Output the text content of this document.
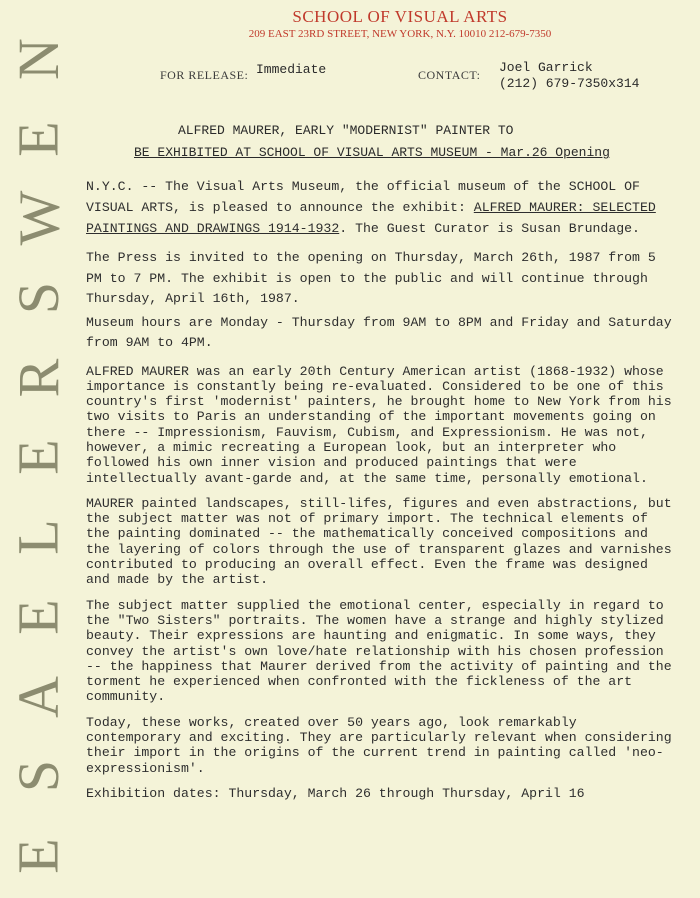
N
E
W
S
R
E
L
E
A
S
E
SCHOOL OF VISUAL ARTS
209 EAST 23RD STREET, NEW YORK, N.Y. 10010 212-679-7350
FOR RELEASE: Immediate	CONTACT: Joel Garrick
(212) 679-7350x314
ALFRED MAURER, EARLY "MODERNIST" PAINTER TO
BE EXHIBITED AT SCHOOL OF VISUAL ARTS MUSEUM - Mar.26 Opening

N.Y.C. -- The Visual Arts Museum, the official museum of the SCHOOL OF VISUAL ARTS, is pleased to announce the exhibit: ALFRED MAURER: SELECTED PAINTINGS AND DRAWINGS 1914-1932. The Guest Curator is Susan Brundage.

The Press is invited to the opening on Thursday, March 26th, 1987 from 5 PM to 7 PM. The exhibit is open to the public and will continue through Thursday, April 16th, 1987.

Museum hours are Monday - Thursday from 9AM to 8PM and Friday and Saturday from 9AM to 4PM.

ALFRED MAURER was an early 20th Century American artist (1868-1932) whose importance is constantly being re-evaluated. Considered to be one of this country's first 'modernist' painters, he brought home to New York from his two visits to Paris an understanding of the important movements going on there -- Impressionism, Fauvism, Cubism, and Expressionism. He was not, however, a mimic recreating a European look, but an interpreter who followed his own inner vision and produced paintings that were intellectually avant-garde and, at the same time, personally emotional.

MAURER painted landscapes, still-lifes, figures and even abstractions, but the subject matter was not of primary import. The technical elements of the painting dominated -- the mathematically conceived compositions and the layering of colors through the use of transparent glazes and varnishes contributed to producing an overall effect. Even the frame was designed and made by the artist.

The subject matter supplied the emotional center, especially in regard to the "Two Sisters" portraits. The women have a strange and highly stylized beauty. Their expressions are haunting and enigmatic. In some ways, they convey the artist's own love/hate relationship with his chosen profession -- the happiness that Maurer derived from the activity of painting and the torment he experienced when confronted with the fickleness of the art community.

Today, these works, created over 50 years ago, look remarkably contemporary and exciting. They are particularly relevant when considering their import in the origins of the current trend in painting called 'neo-expressionism'.

Exhibition dates: Thursday, March 26 through Thursday, April 16
